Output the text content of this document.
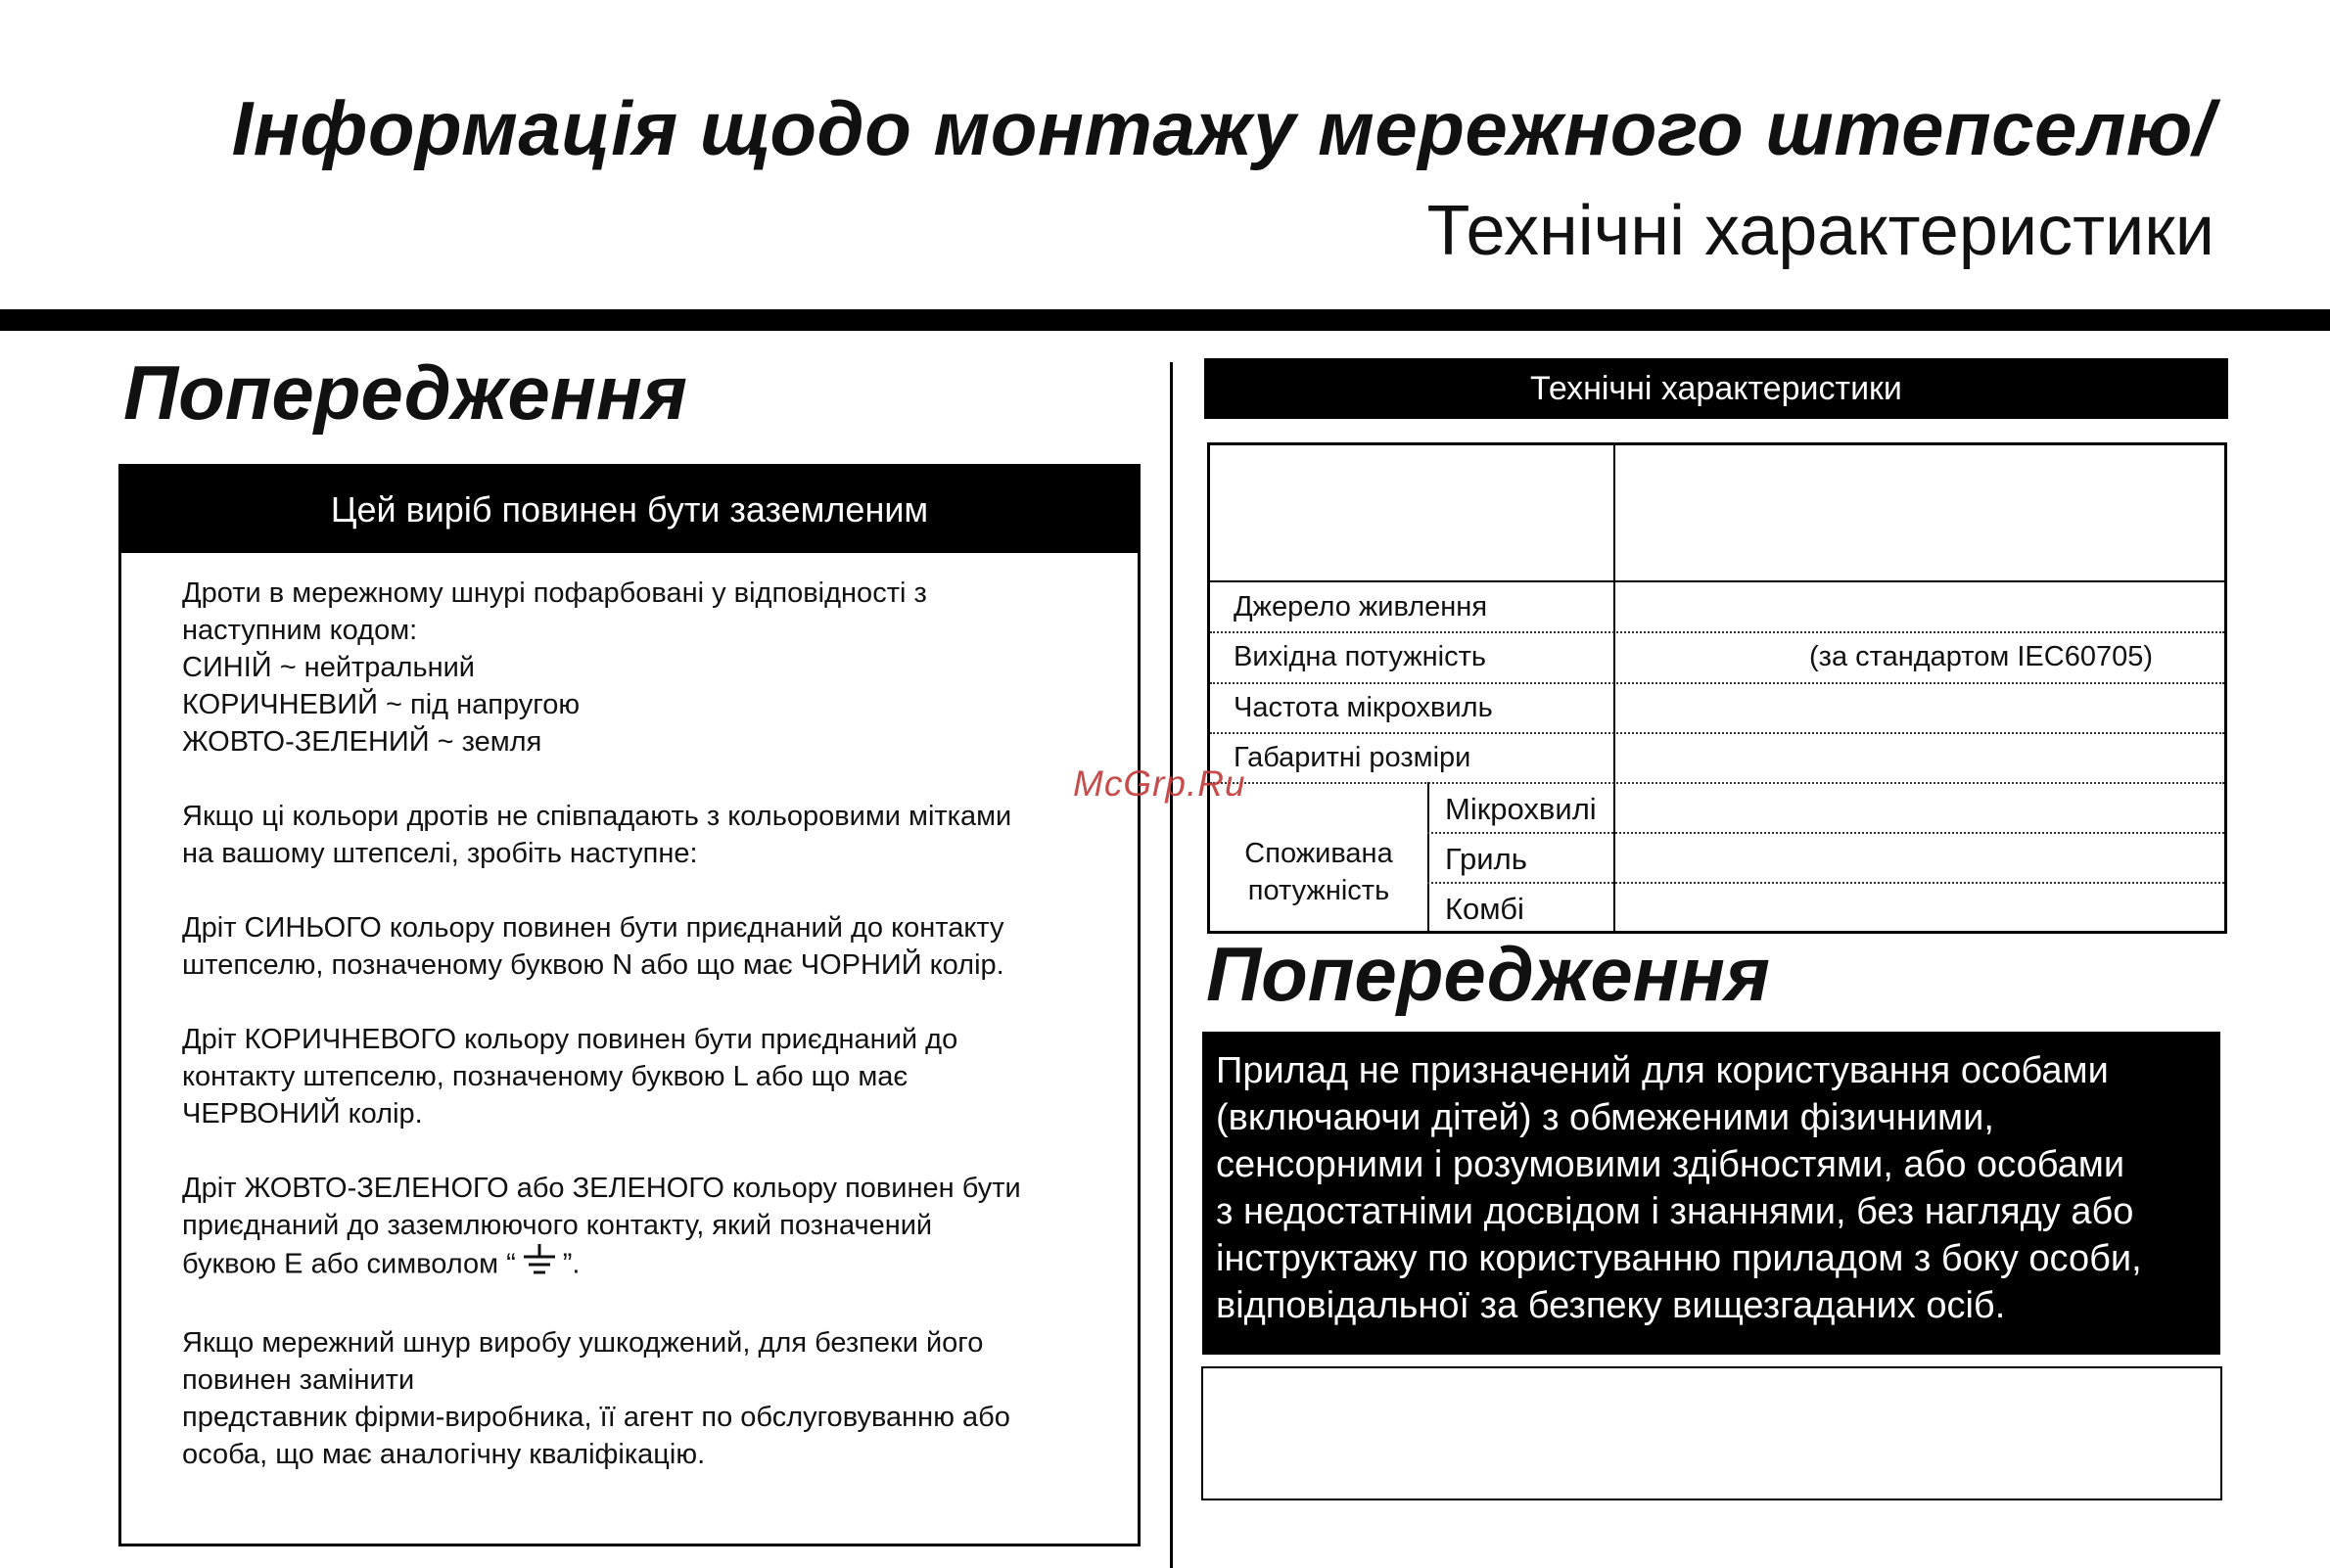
Інформація щодо монтажу мережного штепселю/
Технічні характеристики
Попередження
Цей виріб повинен бути заземленим

Дроти в мережному шнурі пофарбовані у відповідності з
наступним кодом:
СИНІЙ ~ нейтральний
КОРИЧНЕВИЙ ~ під напругою
ЖОВТО-ЗЕЛЕНИЙ ~ земля

Якщо ці кольори дротів не співпадають з кольоровими мітками
на вашому штепселі, зробіть наступне:

Дріт СИНЬОГО кольору повинен бути приєднаний до контакту
штепселю, позначеному буквою N або що має ЧОРНИЙ колір.

Дріт КОРИЧНЕВОГО кольору повинен бути приєднаний до
контакту штепселю, позначеному буквою L або що має
ЧЕРВОНИЙ колір.

Дріт ЖОВТО-ЗЕЛЕНОГО або ЗЕЛЕНОГО кольору повинен бути
приєднаний до заземлюючого контакту, який позначений
буквою E або символом “ ”.

Якщо мережний шнур виробу ушкоджений, для безпеки його
повинен замінити
представник фірми-виробника, її агент по обслуговуванню або
особа, що має аналогічну кваліфікацію.

Технічні характеристики
Джерело живлення
Вихідна потужність	(за стандартом IEC60705)
Частота мікрохвиль
Габаритні розміри
Споживана
потужність
Мікрохвилі
Гриль
Комбі
Попередження
Прилад не призначений для користування особами
(включаючи дітей) з обмеженими фізичними,
сенсорними і розумовими здібностями, або особами
з недостатніми досвідом і знаннями, без нагляду або
інструктажу по користуванню приладом з боку особи,
відповідальної за безпеку вищезгаданих осіб.
McGrp.Ru
